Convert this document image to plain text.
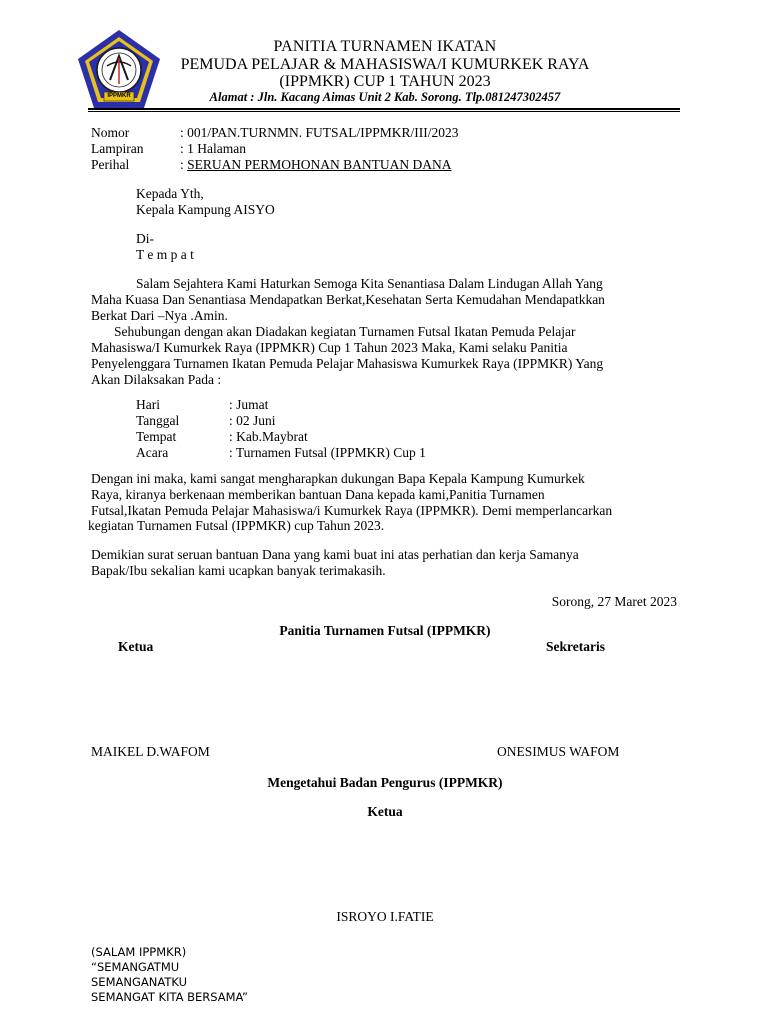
IPPMKR
PANITIA TURNAMEN IKATAN
PEMUDA PELAJAR & MAHASISWA/I KUMURKEK RAYA
(IPPMKR) CUP 1 TAHUN 2023
Alamat : Jln. Kacang Aimas Unit 2 Kab. Sorong. Tlp.081247302457
Nomor	: 001/PAN.TURNMN. FUTSAL/IPPMKR/III/2023
Lampiran	: 1 Halaman
Perihal	: SERUAN PERMOHONAN BANTUAN DANA
Kepada Yth,
Kepala Kampung AISYO
Di-
T e m p a t
Salam Sejahtera Kami Haturkan Semoga Kita Senantiasa Dalam Lindugan Allah Yang
Maha Kuasa Dan Senantiasa Mendapatkan Berkat,Kesehatan Serta Kemudahan Mendapatkkan
Berkat Dari –Nya .Amin.
Sehubungan dengan akan Diadakan kegiatan Turnamen Futsal Ikatan Pemuda Pelajar
Mahasiswa/I Kumurkek Raya (IPPMKR) Cup 1 Tahun 2023 Maka, Kami selaku Panitia
Penyelenggara Turnamen Ikatan Pemuda Pelajar Mahasiswa Kumurkek Raya (IPPMKR) Yang
Akan Dilaksakan Pada :
Hari	: Jumat
Tanggal	: 02 Juni
Tempat	: Kab.Maybrat
Acara	: Turnamen Futsal (IPPMKR) Cup 1
Dengan ini maka, kami sangat mengharapkan dukungan Bapa Kepala Kampung Kumurkek
Raya, kiranya berkenaan memberikan bantuan Dana kepada kami,Panitia Turnamen
Futsal,Ikatan Pemuda Pelajar Mahasiswa/i Kumurkek Raya (IPPMKR). Demi memperlancarkan
kegiatan Turnamen Futsal (IPPMKR) cup Tahun 2023.
Demikian surat seruan bantuan Dana yang kami buat ini atas perhatian dan kerja Samanya
Bapak/Ibu sekalian kami ucapkan banyak terimakasih.
Sorong, 27 Maret 2023
Panitia Turnamen Futsal (IPPMKR)
Ketua	Sekretaris
MAIKEL D.WAFOM	ONESIMUS WAFOM
Mengetahui Badan Pengurus (IPPMKR)
Ketua
ISROYO I.FATIE
(SALAM IPPMKR)
“SEMANGATMU
SEMANGANATKU
SEMANGAT KITA BERSAMA”
